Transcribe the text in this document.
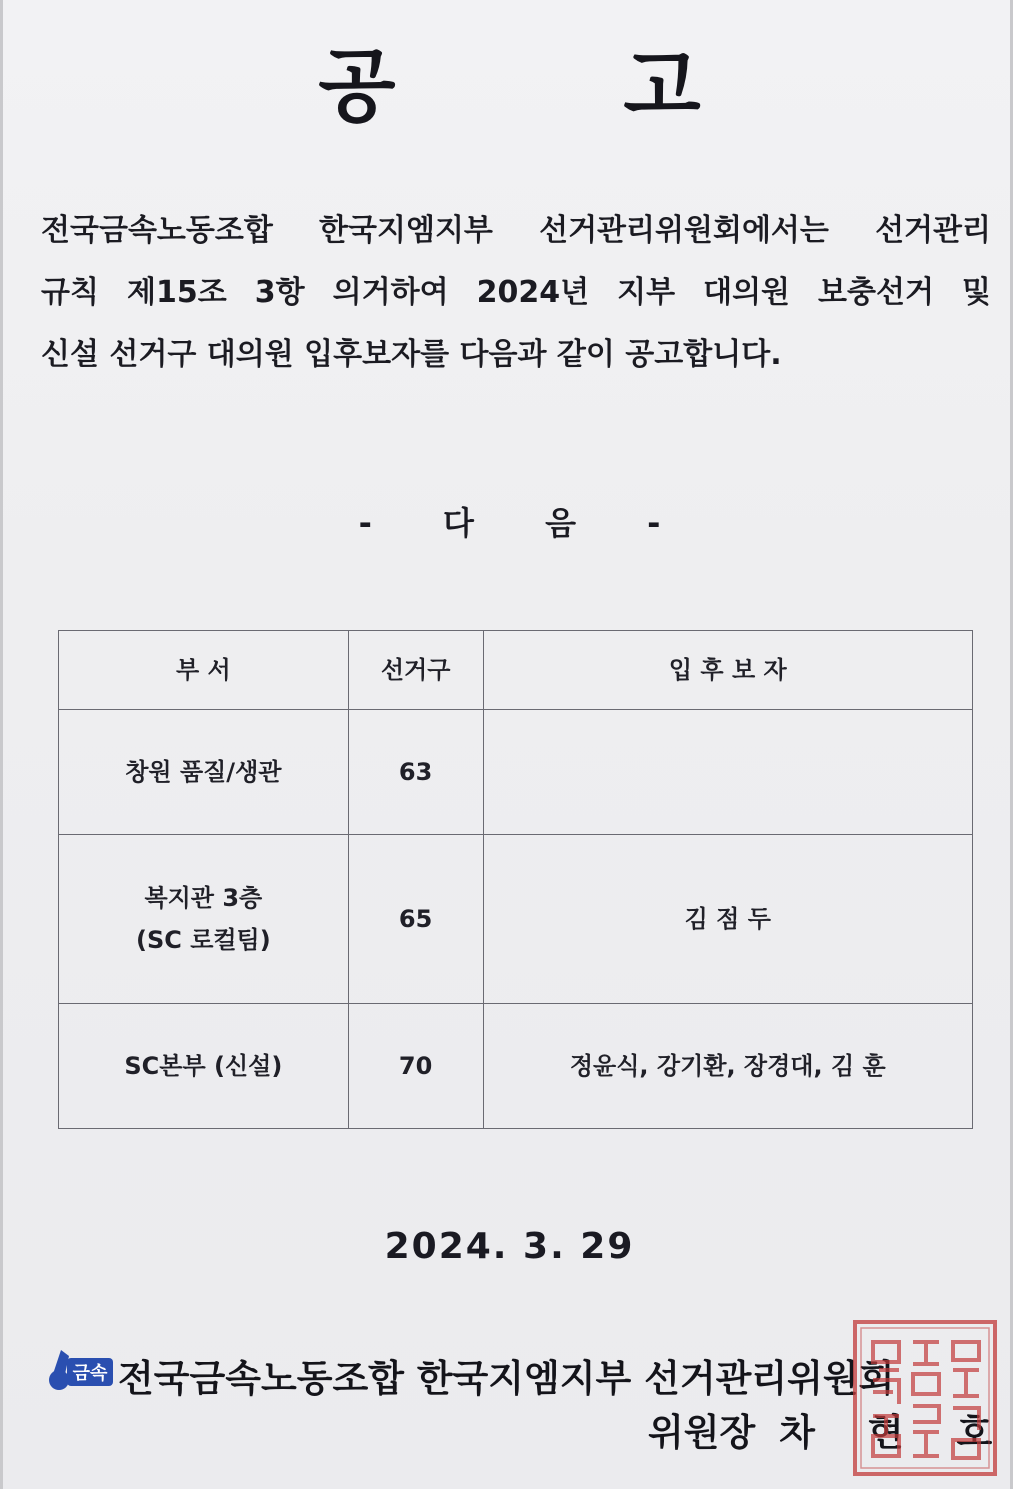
공 고
전국금속노동조합 한국지엠지부 선거관리위원회에서는 선거관리
규칙 제15조 3항 의거하여 2024년 지부 대의원 보충선거 및
신설 선거구 대의원 입후보자를 다음과 같이 공고합니다.
- 다 음 -
부 서	선거구	입 후 보 자

창원 품질/생관	63	

복지관 3층
(SC 로컬팀)	65	김 점 두

SC본부 (신설)	70	정윤식, 강기환, 장경대, 김 훈
2024. 3. 29
금속 전국금속노동조합 한국지엠지부 선거관리위원회
위원장 차 현 호
